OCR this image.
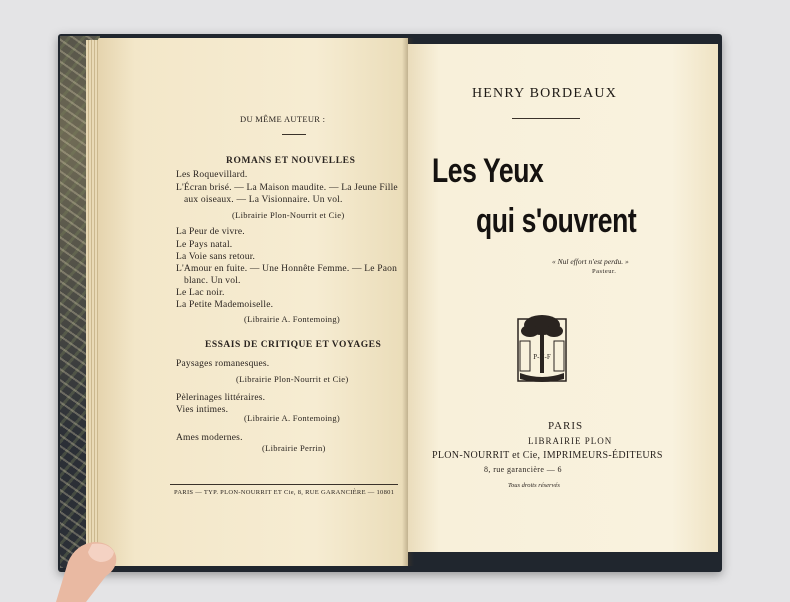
DU MÊME AUTEUR :
ROMANS ET NOUVELLES
Les Roquevillard.
L'Écran brisé. — La Maison maudite. — La Jeune Fille
aux oiseaux. — La Visionnaire. Un vol.
(Librairie Plon-Nourrit et Cie)
La Peur de vivre.
Le Pays natal.
La Voie sans retour.
L'Amour en fuite. — Une Honnête Femme. — Le Paon
blanc. Un vol.
Le Lac noir.
La Petite Mademoiselle.
(Librairie A. Fontemoing)
ESSAIS DE CRITIQUE ET VOYAGES
Paysages romanesques.
(Librairie Plon-Nourrit et Cie)
Pèlerinages littéraires.
Vies intimes.
(Librairie A. Fontemoing)
Ames modernes.
(Librairie Perrin)
PARIS — TYP. PLON-NOURRIT ET Cie, 8, RUE GARANCIÈRE — 10801
HENRY BORDEAUX
Les Yeux
qui s'ouvrent
« Nul effort n'est perdu. »
Pasteur.
P-N-F
PARIS
LIBRAIRIE PLON
PLON-NOURRIT et Cie, IMPRIMEURS-ÉDITEURS
8, rue garancière — 6
Tous droits réservés
